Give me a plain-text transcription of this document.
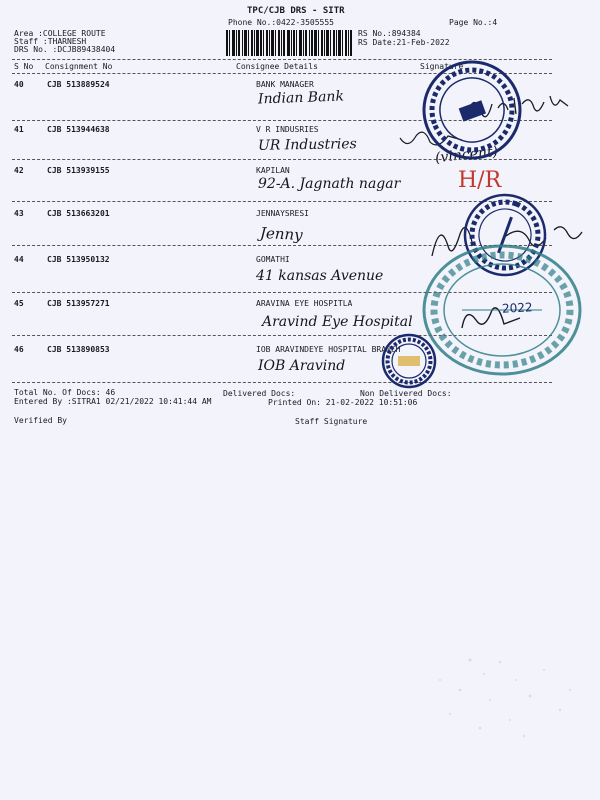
TPC/CJB DRS - SITR
Phone No.:0422-3505555	Page No.:4
Area :COLLEGE ROUTE
Staff :THARNESH
DRS No. :DCJB89438404
RS No.:894384
RS Date:21-Feb-2022
S No Consignment No	Consignee Details	Signature
40	CJB 513889524	BANK MANAGER
Indian Bank
41	CJB 513944638	V R INDUSRIES
UR Industries	(vincent)
42	CJB 513939155	KAPILAN
92-A. Jagnath nagar	H/R
43	CJB 513663201	JENNAYSRESI
Jenny
44	CJB 513950132	GOMATHI
41 kansas Avenue
45	CJB 513957271	ARAVINA EYE HOSPITLA
Aravind Eye Hospital
46	CJB 513890853	IOB ARAVINDEYE HOSPITAL BRANCH
IOB Aravind
Total No. Of Docs: 46	Delivered Docs:	Non Delivered Docs:
Entered By :SITRA1 02/21/2022 10:41:44 AM	Printed On: 21-02-2022 10:51:06
Verified By	Staff Signature
2022
